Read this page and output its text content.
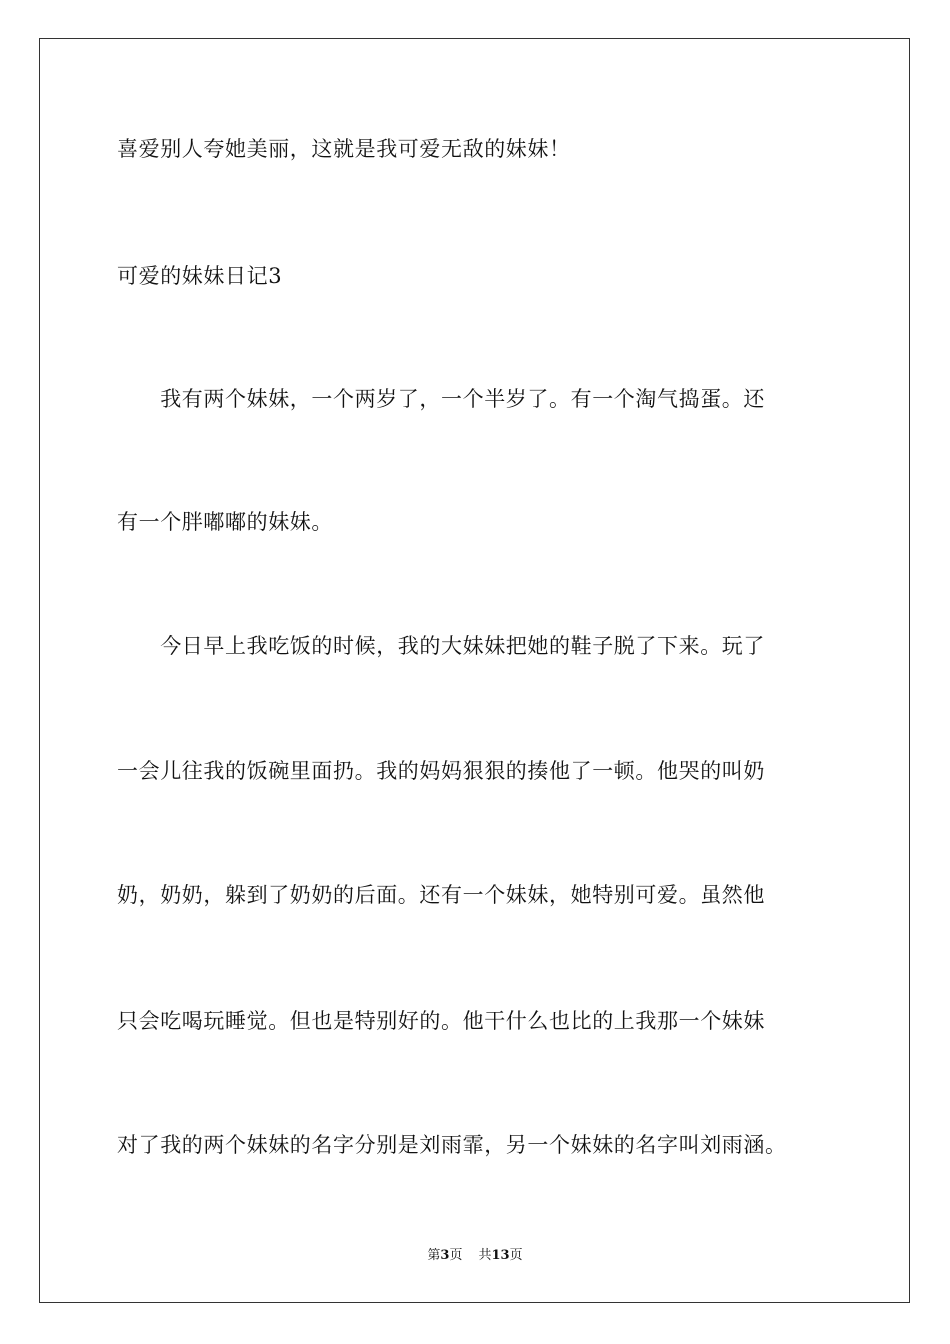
喜爱别人夸她美丽，这就是我可爱无敌的妹妹！
可爱的妹妹日记3
　　我有两个妹妹，一个两岁了，一个半岁了。有一个淘气捣蛋。还
有一个胖嘟嘟的妹妹。
　　今日早上我吃饭的时候，我的大妹妹把她的鞋子脱了下来。玩了
一会儿往我的饭碗里面扔。我的妈妈狠狠的揍他了一顿。他哭的叫奶
奶，奶奶，躲到了奶奶的后面。还有一个妹妹，她特别可爱。虽然他
只会吃喝玩睡觉。但也是特别好的。他干什么也比的上我那一个妹妹
对了我的两个妹妹的名字分别是刘雨霏，另一个妹妹的名字叫刘雨涵。
第3页 共13页
